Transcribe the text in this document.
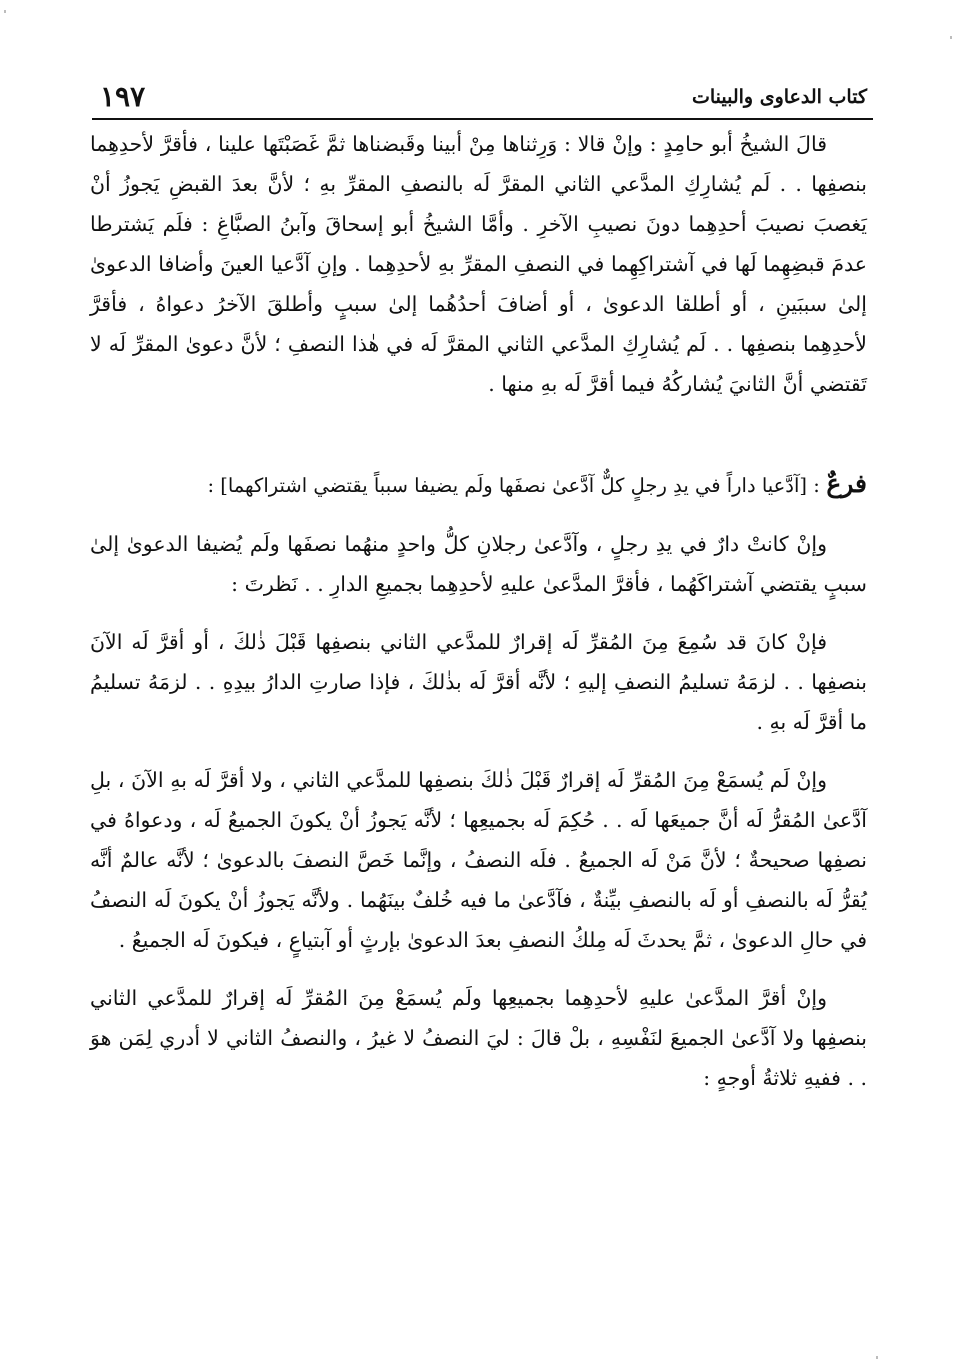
كتاب الدعاوى والبينات
١٩٧

قالَ الشيخُ أبو حامِدٍ : وإنْ قالا : وَرِثناها مِنْ أبينا وقَبضناها ثمَّ غَصَبْتَها علينا ، فأقرَّ لأحدِهِما بنصفِها . . لَم يُشارِكِ المدَّعي الثاني المقرَّ لَه بالنصفِ المقرِّ بهِ ؛ لأنَّ بعدَ القبضِ يَجوزُ أنْ يَغصبَ نصيبَ أحدِهِما دونَ نصيبِ الآخرِ . وأمَّا الشيخُ أبو إسحاقَ وآبنُ الصبَّاغِ : فلَم يَشترطا عدمَ قبضِهِما لَها في آشتراكِهِما في النصفِ المقرِّ بهِ لأحدِهِما . وإنِ آدَّعيا العينَ وأضافا الدعوىٰ إلىٰ سببَينِ ، أو أطلقا الدعوىٰ ، أو أضافَ أحدُهُما إلىٰ سببٍ وأطلقَ الآخرُ دعواهُ ، فأقرَّ لأحدِهِما بنصفِها . . لَم يُشارِكِ المدَّعي الثاني المقرَّ لَه في هٰذا النصفِ ؛ لأنَّ دعوىٰ المقرِّ لَه لا تَقتضي أنَّ الثانيَ يُشاركُهُ فيما أقرَّ لَه بهِ منها .

فرعٌ : [آدَّعيا داراً في يدِ رجلٍ كلٌّ آدَّعىٰ نصفَها ولَم يضيفا سبباً يقتضي اشتراكهما] :

وإنْ كانتْ دارٌ في يدِ رجلٍ ، وآدَّعىٰ رجلانِ كلُّ واحدٍ منهُما نصفَها ولَم يُضيفا الدعوىٰ إلىٰ سببٍ يقتضي آشتراكَهُما ، فأقرَّ المدَّعىٰ عليهِ لأحدِهِما بجميعِ الدارِ . . نَظرتَ :

فإنْ كانَ قد سُمِعَ مِنَ المُقرِّ لَه إقرارٌ للمدَّعي الثاني بنصفِها قَبْلَ ذٰلكَ ، أو أقرَّ لَه الآنَ بنصفِها . . لزمَهُ تسليمُ النصفِ إليهِ ؛ لأنَّه أقرَّ لَه بذٰلكَ ، فإذا صارتِ الدارُ بيدِهِ . . لزمَهُ تسليمُ ما أقرَّ لَه بهِ .

وإنْ لَم يُسمَعْ مِنَ المُقرِّ لَه إقرارٌ قَبْلَ ذٰلكَ بنصفِها للمدَّعي الثاني ، ولا أقرَّ لَه بهِ الآنَ ، بلِ آدَّعىٰ المُقرُّ لَه أنَّ جميعَها لَه . . حُكِمَ لَه بجميعِها ؛ لأنَّه يَجوزُ أنْ يكونَ الجميعُ لَه ، ودعواهُ في نصفِها صحيحةٌ ؛ لأنَّ مَنْ لَه الجميعُ . فلَه النصفُ ، وإنَّما خَصَّ النصفَ بالدعوىٰ ؛ لأنَّه عالمٌ أنَّه يُقرُّ لَه بالنصفِ أو لَه بالنصفِ بيِّنةٌ ، فآدَّعىٰ ما فيه خُلفٌ بينَهُما . ولأنَّه يَجوزُ أنْ يكونَ لَه النصفُ في حالِ الدعوىٰ ، ثمَّ يحدثَ لَه مِلكُ النصفِ بعدَ الدعوىٰ بإرثٍ أو آبتياعٍ ، فيكونَ لَه الجميعُ .

وإنْ أقرَّ المدَّعىٰ عليهِ لأحدِهِما بجميعِها ولَم يُسمَعْ مِنَ المُقرِّ لَه إقرارٌ للمدَّعي الثاني بنصفِها ولا آدَّعىٰ الجميعَ لنَفْسِهِ ، بلْ قالَ : ليَ النصفُ لا غيرُ ، والنصفُ الثاني لا أدري لِمَن هوَ . . ففيهِ ثلاثةُ أوجهٍ :
